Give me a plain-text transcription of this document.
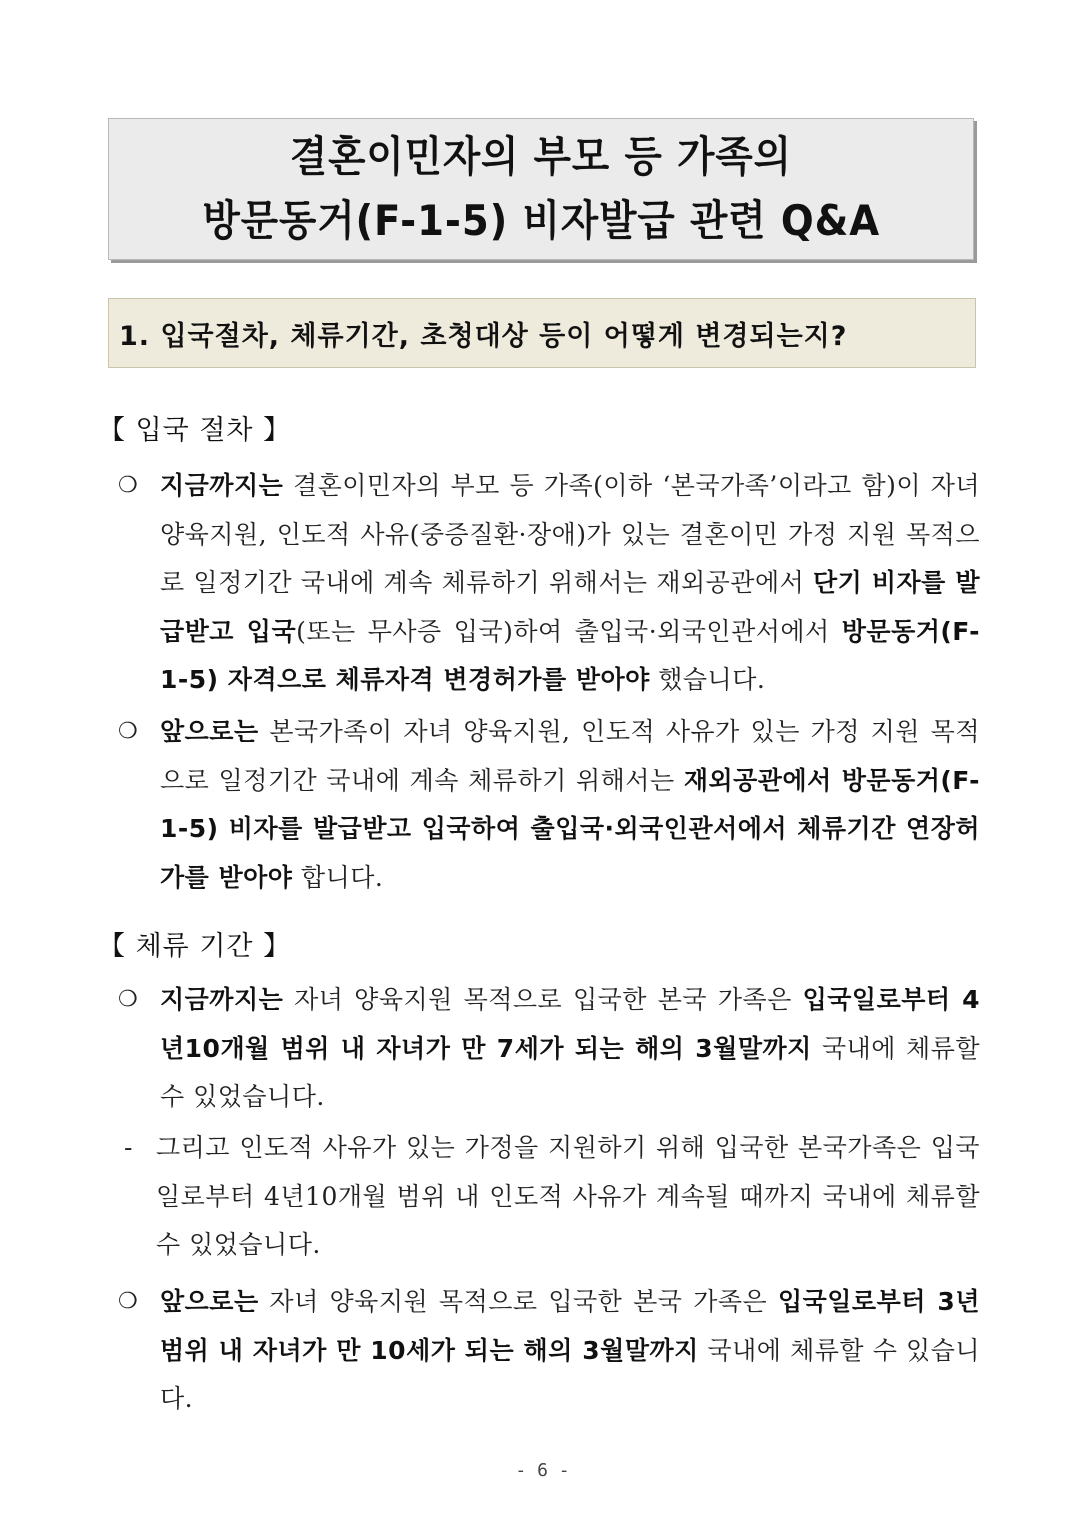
결혼이민자의 부모 등 가족의
방문동거(F-1-5) 비자발급 관련 Q&A
1. 입국절차, 체류기간, 초청대상 등이 어떻게 변경되는지?
【 입국 절차 】
❍ 지금까지는 결혼이민자의 부모 등 가족(이하 ‘본국가족’이라고 함)이 자녀 양육지원, 인도적 사유(중증질환·장애)가 있는 결혼이민 가정 지원 목적으로 일정기간 국내에 계속 체류하기 위해서는 재외공관에서 단기 비자를 발급받고 입국(또는 무사증 입국)하여 출입국·외국인관서에서 방문동거(F-1-5) 자격으로 체류자격 변경허가를 받아야 했습니다.
❍ 앞으로는 본국가족이 자녀 양육지원, 인도적 사유가 있는 가정 지원 목적으로 일정기간 국내에 계속 체류하기 위해서는 재외공관에서 방문동거(F-1-5) 비자를 발급받고 입국하여 출입국·외국인관서에서 체류기간 연장허가를 받아야 합니다.
【 체류 기간 】
❍ 지금까지는 자녀 양육지원 목적으로 입국한 본국 가족은 입국일로부터 4년10개월 범위 내 자녀가 만 7세가 되는 해의 3월말까지 국내에 체류할 수 있었습니다.
- 그리고 인도적 사유가 있는 가정을 지원하기 위해 입국한 본국가족은 입국일로부터 4년10개월 범위 내 인도적 사유가 계속될 때까지 국내에 체류할 수 있었습니다.
❍ 앞으로는 자녀 양육지원 목적으로 입국한 본국 가족은 입국일로부터 3년 범위 내 자녀가 만 10세가 되는 해의 3월말까지 국내에 체류할 수 있습니다.
- 6 -
